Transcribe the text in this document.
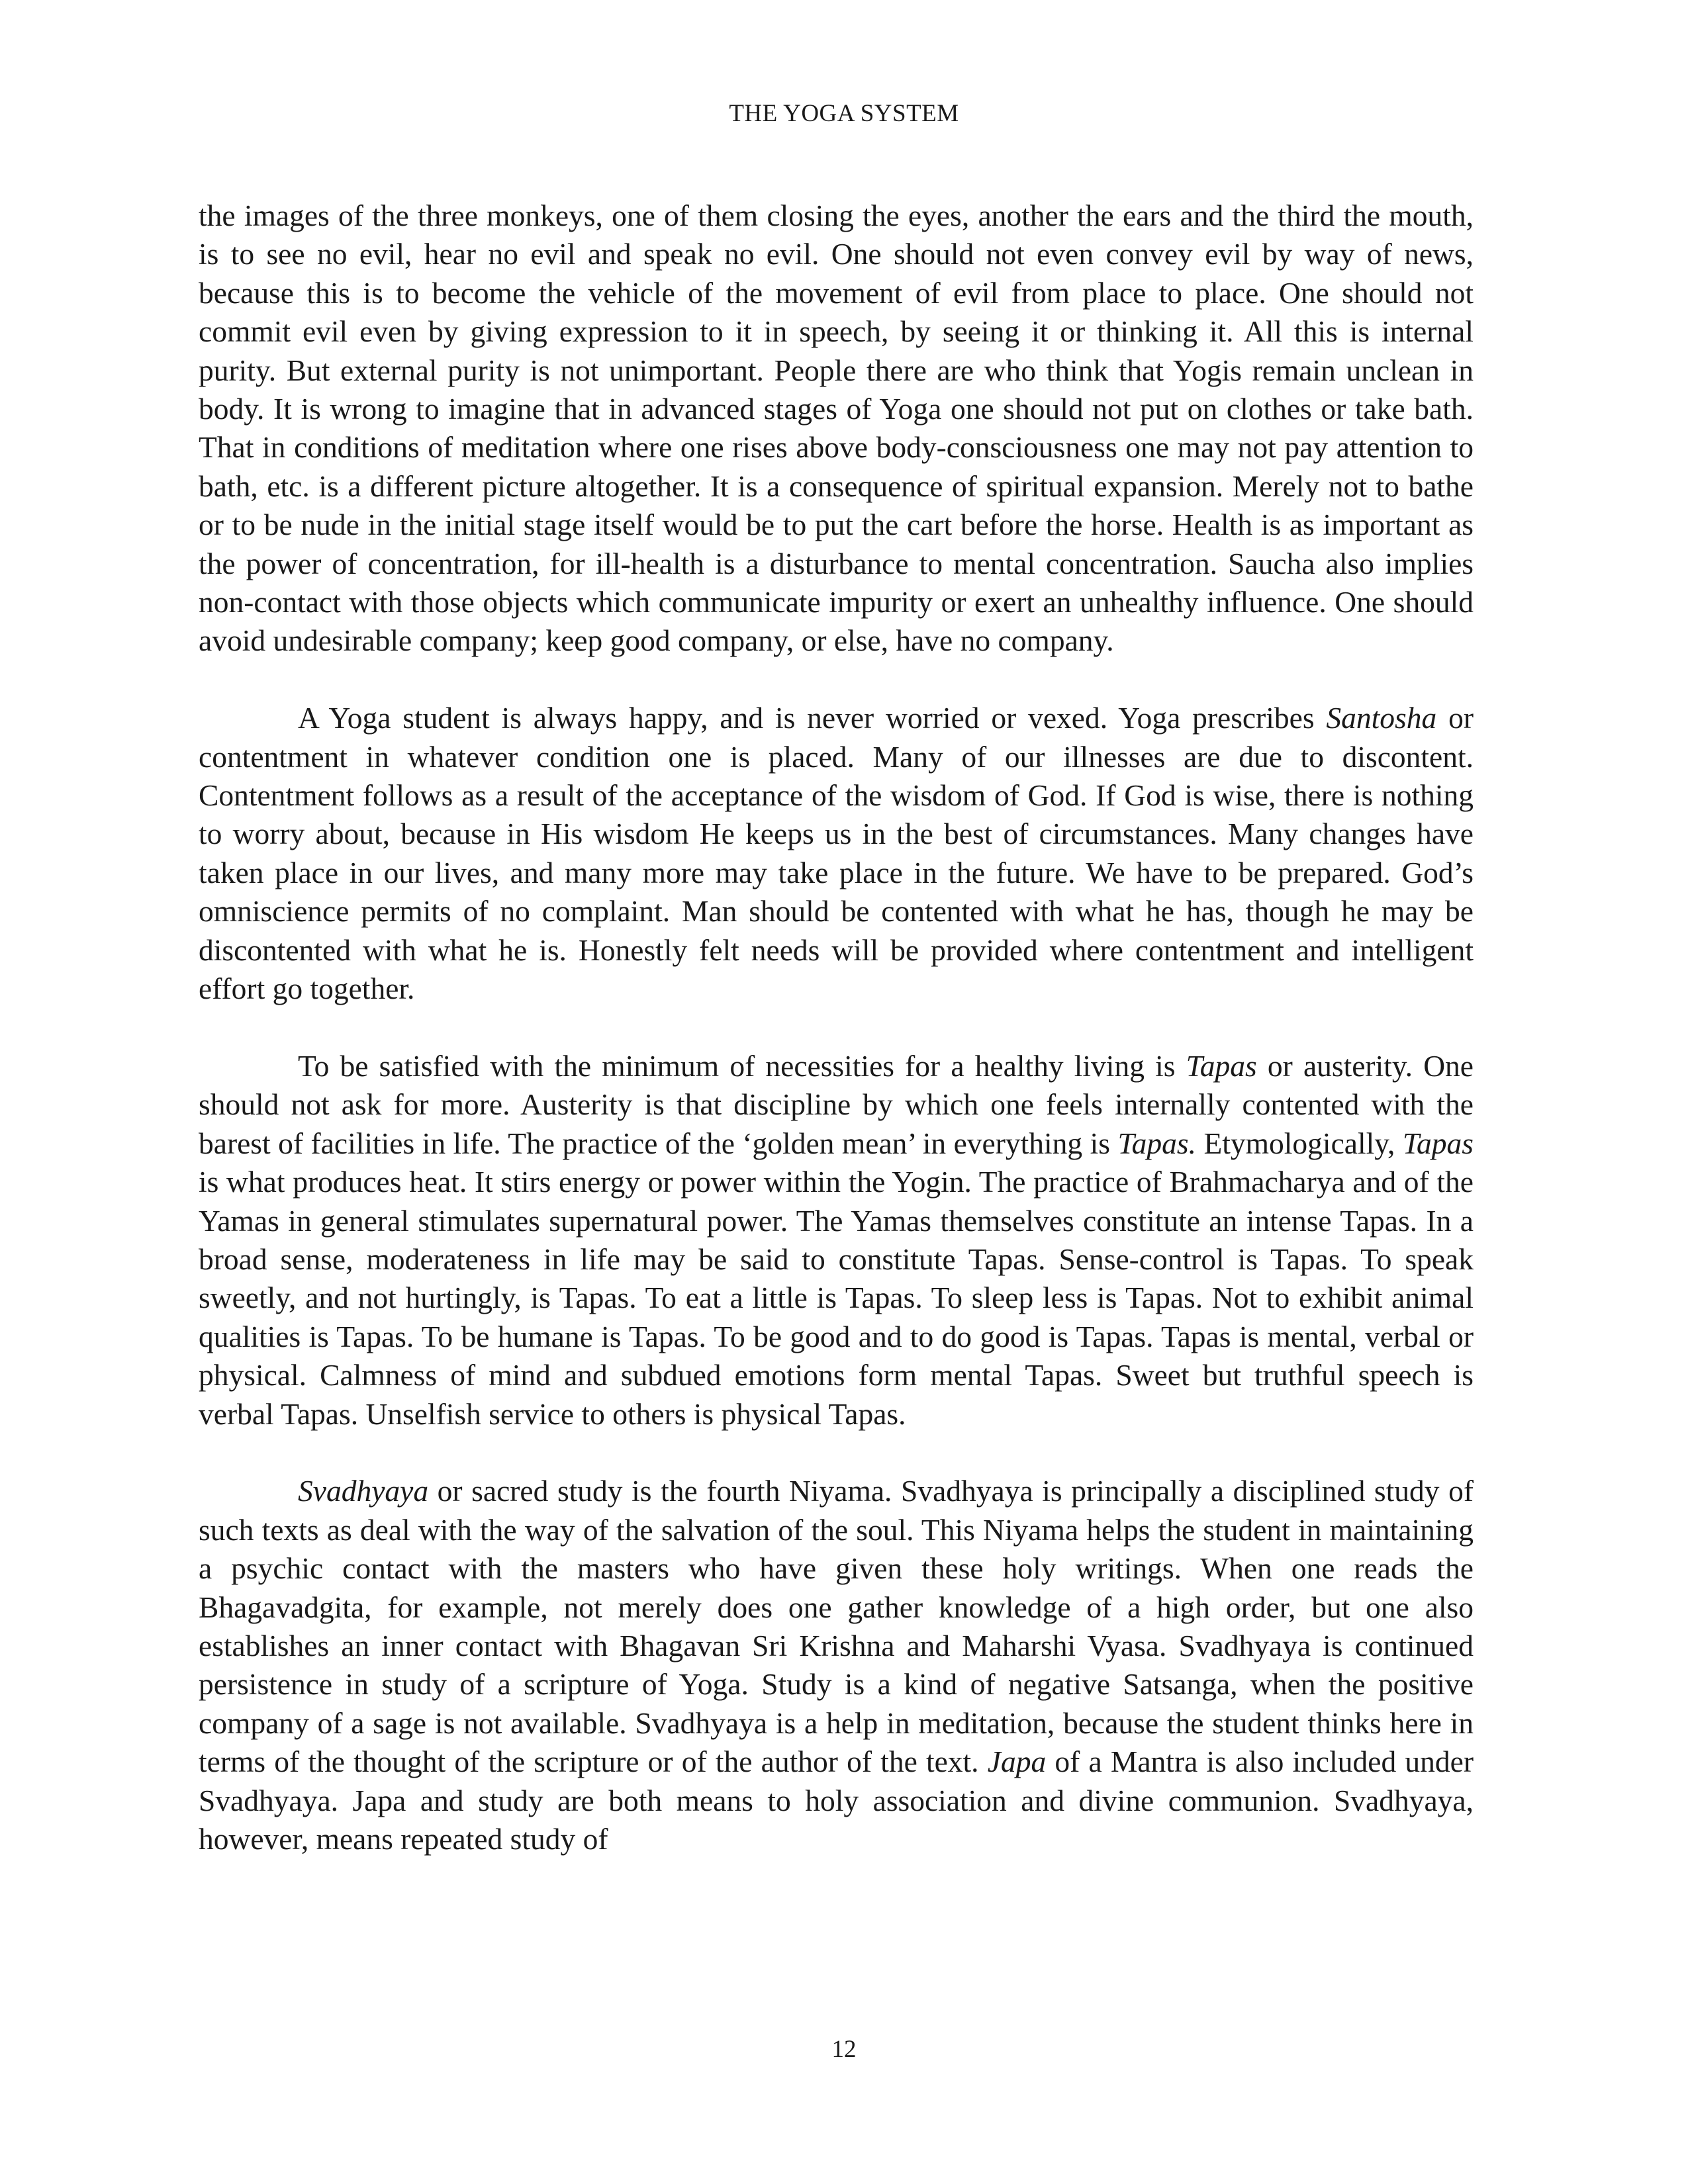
THE YOGA SYSTEM

the images of the three monkeys, one of them closing the eyes, another the ears and the third the mouth, is to see no evil, hear no evil and speak no evil. One should not even convey evil by way of news, because this is to become the vehicle of the movement of evil from place to place. One should not commit evil even by giving expression to it in speech, by seeing it or thinking it. All this is internal purity. But external purity is not unimportant. People there are who think that Yogis remain unclean in body. It is wrong to imagine that in advanced stages of Yoga one should not put on clothes or take bath. That in conditions of meditation where one rises above body-consciousness one may not pay attention to bath, etc. is a different picture altogether. It is a consequence of spiritual expansion. Merely not to bathe or to be nude in the initial stage itself would be to put the cart before the horse. Health is as important as the power of concentration, for ill-health is a disturbance to mental concentration. Saucha also implies non-contact with those objects which communicate impurity or exert an unhealthy influence. One should avoid undesirable company; keep good company, or else, have no company.

A Yoga student is always happy, and is never worried or vexed. Yoga prescribes Santosha or contentment in whatever condition one is placed. Many of our illnesses are due to discontent. Contentment follows as a result of the acceptance of the wisdom of God. If God is wise, there is nothing to worry about, because in His wisdom He keeps us in the best of circumstances. Many changes have taken place in our lives, and many more may take place in the future. We have to be prepared. God’s omniscience permits of no complaint. Man should be contented with what he has, though he may be discontented with what he is. Honestly felt needs will be provided where contentment and intelligent effort go together.

To be satisfied with the minimum of necessities for a healthy living is Tapas or austerity. One should not ask for more. Austerity is that discipline by which one feels internally contented with the barest of facilities in life. The practice of the ‘golden mean’ in everything is Tapas. Etymologically, Tapas is what produces heat. It stirs energy or power within the Yogin. The practice of Brahmacharya and of the Yamas in general stimulates supernatural power. The Yamas themselves constitute an intense Tapas. In a broad sense, moderateness in life may be said to constitute Tapas. Sense-control is Tapas. To speak sweetly, and not hurtingly, is Tapas. To eat a little is Tapas. To sleep less is Tapas. Not to exhibit animal qualities is Tapas. To be humane is Tapas. To be good and to do good is Tapas. Tapas is mental, verbal or physical. Calmness of mind and subdued emotions form mental Tapas. Sweet but truthful speech is verbal Tapas. Unselfish service to others is physical Tapas.

Svadhyaya or sacred study is the fourth Niyama. Svadhyaya is principally a disciplined study of such texts as deal with the way of the salvation of the soul. This Niyama helps the student in maintaining a psychic contact with the masters who have given these holy writings. When one reads the Bhagavadgita, for example, not merely does one gather knowledge of a high order, but one also establishes an inner contact with Bhagavan Sri Krishna and Maharshi Vyasa. Svadhyaya is continued persistence in study of a scripture of Yoga. Study is a kind of negative Satsanga, when the positive company of a sage is not available. Svadhyaya is a help in meditation, because the student thinks here in terms of the thought of the scripture or of the author of the text. Japa of a Mantra is also included under Svadhyaya. Japa and study are both means to holy association and divine communion. Svadhyaya, however, means repeated study of

12
